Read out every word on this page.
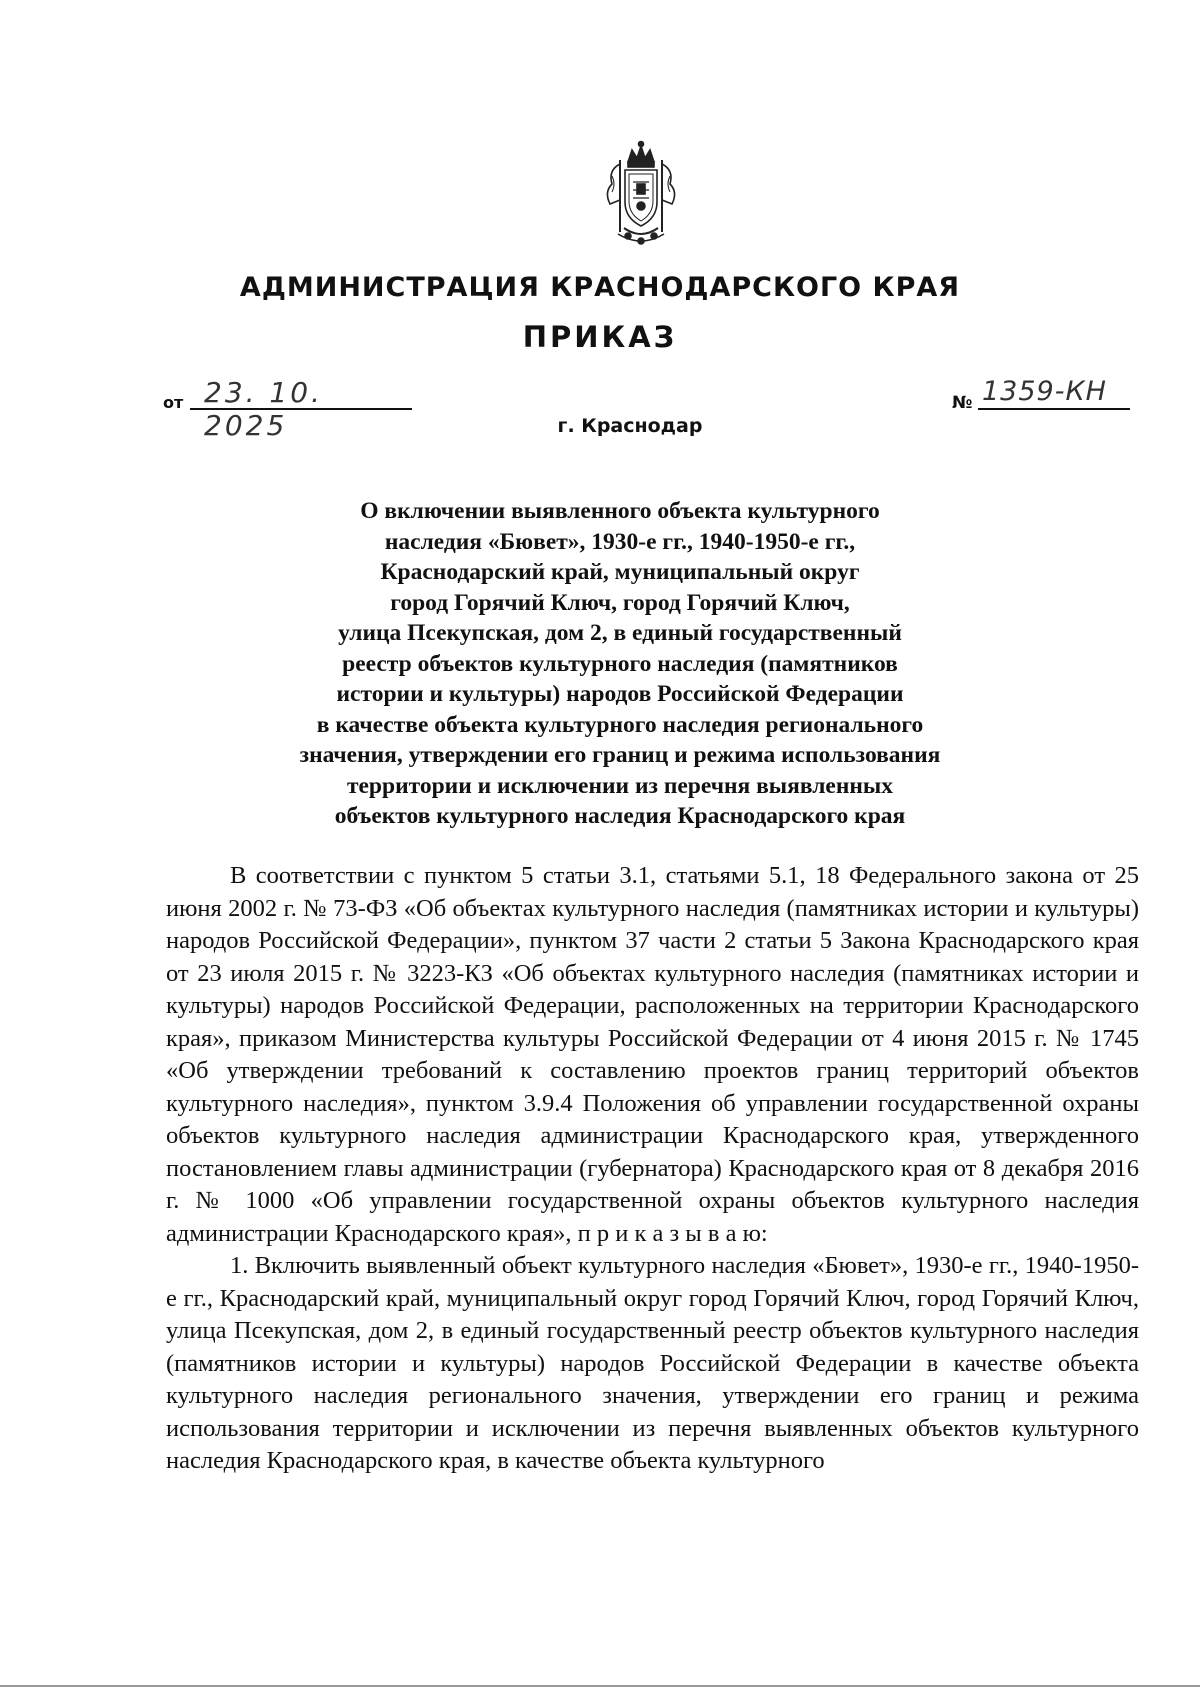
АДМИНИСТРАЦИЯ КРАСНОДАРСКОГО КРАЯ
ПРИКАЗ
от 23. 10. 2025
№ 1359-КН
г. Краснодар
О включении выявленного объекта культурного
наследия «Бювет», 1930-е гг., 1940-1950-е гг.,
Краснодарский край, муниципальный округ
город Горячий Ключ, город Горячий Ключ,
улица Псекупская, дом 2, в единый государственный
реестр объектов культурного наследия (памятников
истории и культуры) народов Российской Федерации
в качестве объекта культурного наследия регионального
значения, утверждении его границ и режима использования
территории и исключении из перечня выявленных
объектов культурного наследия Краснодарского края

В соответствии с пунктом 5 статьи 3.1, статьями 5.1, 18 Федерального закона от 25 июня 2002 г. № 73-ФЗ «Об объектах культурного наследия (памятниках истории и культуры) народов Российской Федерации», пунктом 37 части 2 статьи 5 Закона Краснодарского края от 23 июля 2015 г. № 3223-КЗ «Об объектах культурного наследия (памятниках истории и культуры) народов Российской Федерации, расположенных на территории Краснодарского края», приказом Министерства культуры Российской Федерации от 4 июня 2015 г. № 1745 «Об утверждении требований к составлению проектов границ территорий объектов культурного наследия», пунктом 3.9.4 Положения об управлении государственной охраны объектов культурного наследия администрации Краснодарского края, утвержденного постановлением главы администрации (губернатора) Краснодарского края от 8 декабря 2016 г. № 1000 «Об управлении государственной охраны объектов культурного наследия администрации Краснодарского края», п р и к а з ы в а ю:

1. Включить выявленный объект культурного наследия «Бювет», 1930-е гг., 1940-1950-е гг., Краснодарский край, муниципальный округ город Горячий Ключ, город Горячий Ключ, улица Псекупская, дом 2, в единый государственный реестр объектов культурного наследия (памятников истории и культуры) народов Российской Федерации в качестве объекта культурного наследия регионального значения, утверждении его границ и режима использования территории и исключении из перечня выявленных объектов культурного наследия Краснодарского края, в качестве объекта культурного
